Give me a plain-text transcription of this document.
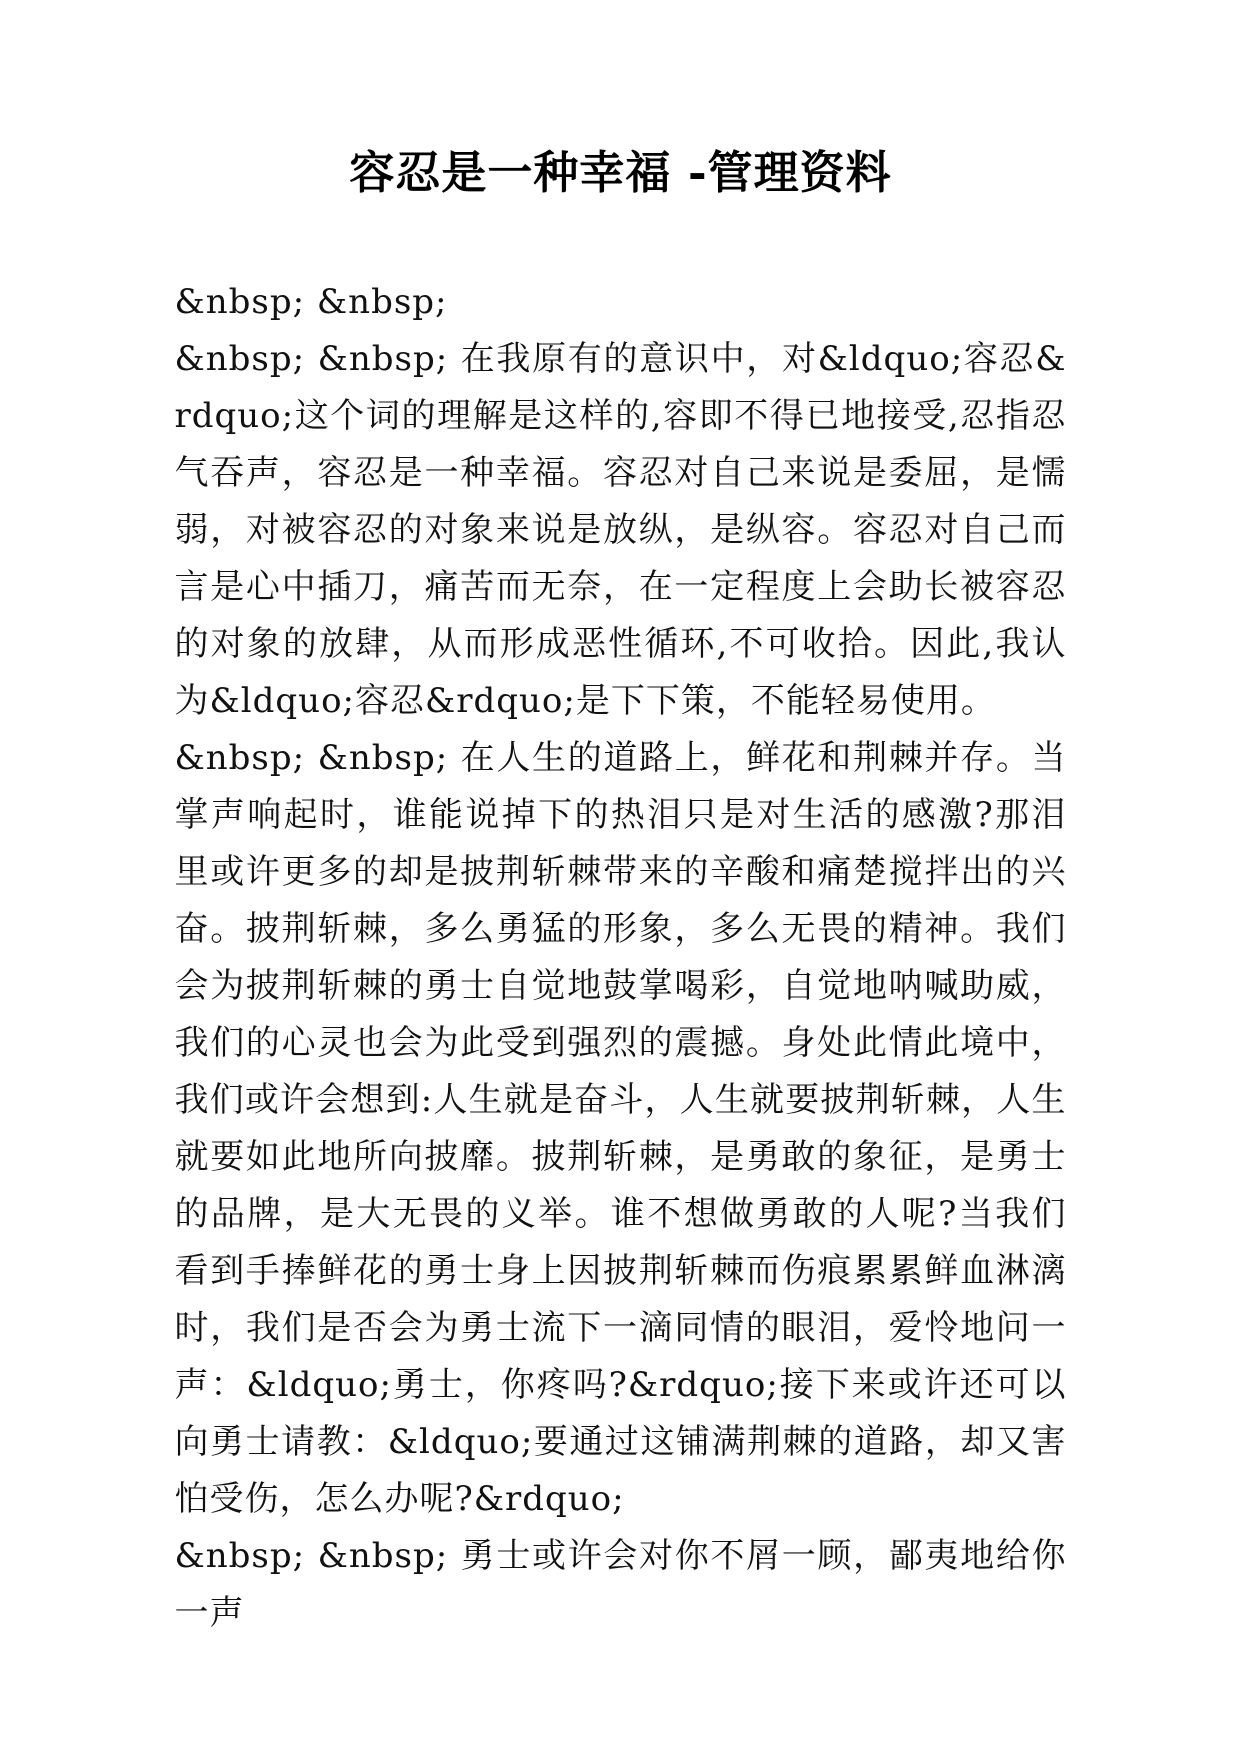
容忍是一种幸福 -管理资料

&nbsp; &nbsp;

&nbsp; &nbsp; 在我原有的意识中，对&ldquo;容忍&rdquo;这个词的理解是这样的,容即不得已地接受,忍指忍气吞声，容忍是一种幸福。容忍对自己来说是委屈，是懦弱，对被容忍的对象来说是放纵，是纵容。容忍对自己而言是心中插刀，痛苦而无奈，在一定程度上会助长被容忍的对象的放肆，从而形成恶性循环,不可收拾。因此,我认为&ldquo;容忍&rdquo;是下下策，不能轻易使用。

&nbsp; &nbsp; 在人生的道路上，鲜花和荆棘并存。当掌声响起时，谁能说掉下的热泪只是对生活的感激?那泪里或许更多的却是披荆斩棘带来的辛酸和痛楚搅拌出的兴奋。披荆斩棘，多么勇猛的形象，多么无畏的精神。我们会为披荆斩棘的勇士自觉地鼓掌喝彩，自觉地呐喊助威，我们的心灵也会为此受到强烈的震撼。身处此情此境中，我们或许会想到:人生就是奋斗，人生就要披荆斩棘，人生就要如此地所向披靡。披荆斩棘，是勇敢的象征，是勇士的品牌，是大无畏的义举。谁不想做勇敢的人呢?当我们看到手捧鲜花的勇士身上因披荆斩棘而伤痕累累鲜血淋漓时，我们是否会为勇士流下一滴同情的眼泪，爱怜地问一声：&ldquo;勇士，你疼吗?&rdquo;接下来或许还可以向勇士请教：&ldquo;要通过这铺满荆棘的道路，却又害怕受伤，怎么办呢?&rdquo;

&nbsp; &nbsp; 勇士或许会对你不屑一顾，鄙夷地给你一声
